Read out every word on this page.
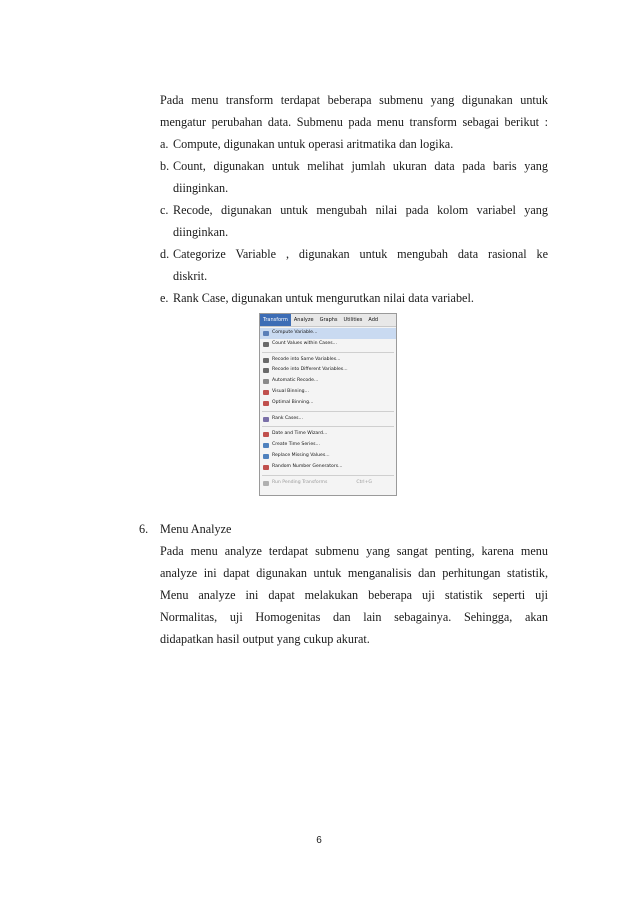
Pada menu transform terdapat beberapa submenu yang digunakan untuk
mengatur perubahan data. Submenu pada menu transform sebagai berikut :
a. Compute, digunakan untuk operasi aritmatika dan logika.
b. Count, digunakan untuk melihat jumlah ukuran data pada baris yang
diinginkan.
c. Recode, digunakan untuk mengubah nilai pada kolom variabel yang
diinginkan.
d. Categorize Variable , digunakan untuk mengubah data rasional ke
diskrit.
e. Rank Case, digunakan untuk mengurutkan nilai data variabel.
Transform	Analyze	Graphs	Utilities	Add
Compute Variable...
Count Values within Cases...
Recode into Same Variables...
Recode into Different Variables...
Automatic Recode...
Visual Binning...
Optimal Binning...
Rank Cases...
Date and Time Wizard...
Create Time Series...
Replace Missing Values...
Random Number Generators...
Run Pending Transforms	Ctrl+G
6. Menu Analyze
Pada menu analyze terdapat submenu yang sangat penting, karena menu
analyze ini dapat digunakan untuk menganalisis dan perhitungan statistik,
Menu analyze ini dapat melakukan beberapa uji statistik seperti uji
Normalitas, uji Homogenitas dan lain sebagainya. Sehingga, akan
didapatkan hasil output yang cukup akurat.
6
